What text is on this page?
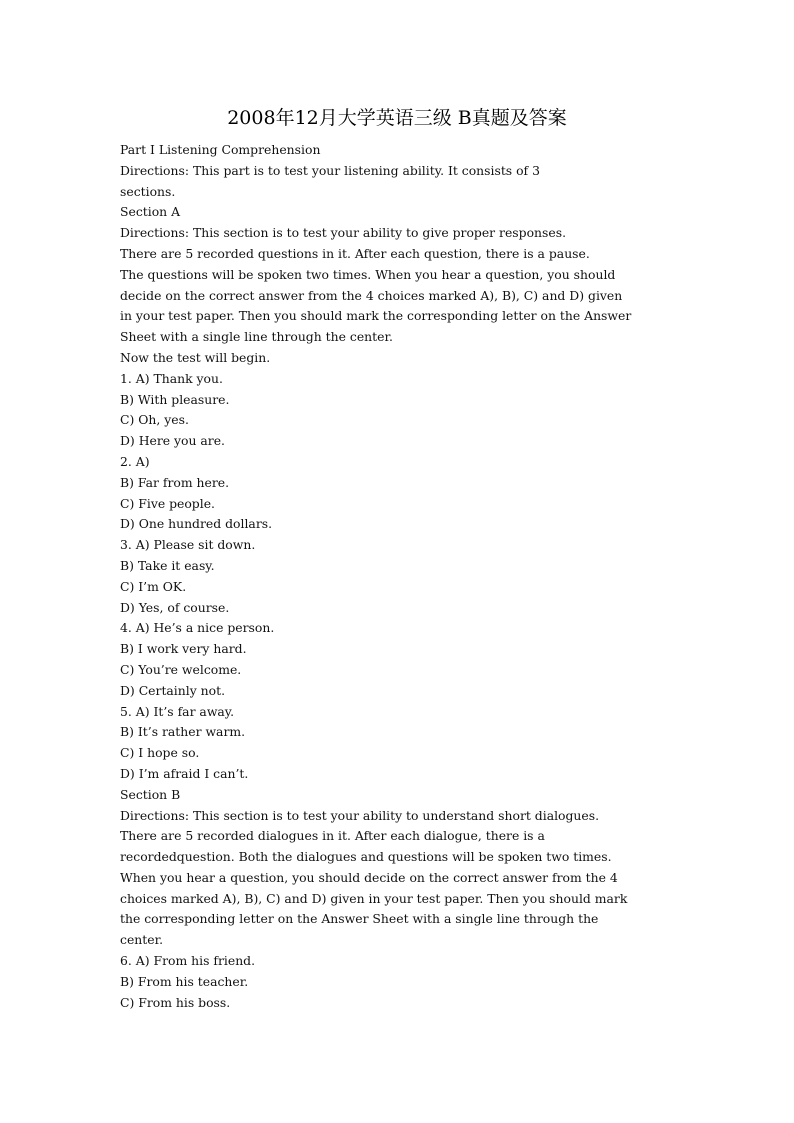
2008年12月大学英语三级 B真题及答案
Part I Listening Comprehension
Directions: This part is to test your listening ability. It consists of 3
sections.
Section A
Directions: This section is to test your ability to give proper responses.
There are 5 recorded questions in it. After each question, there is a pause.
The questions will be spoken two times. When you hear a question, you should
decide on the correct answer from the 4 choices marked A), B), C) and D) given
in your test paper. Then you should mark the corresponding letter on the Answer
Sheet with a single line through the center.
Now the test will begin.
1. A) Thank you.
B) With pleasure.
C) Oh, yes.
D) Here you are.
2. A)
B) Far from here.
C) Five people.
D) One hundred dollars.
3. A) Please sit down.
B) Take it easy.
C) I’m OK.
D) Yes, of course.
4. A) He’s a nice person.
B) I work very hard.
C) You’re welcome.
D) Certainly not.
5. A) It’s far away.
B) It’s rather warm.
C) I hope so.
D) I’m afraid I can’t.
Section B
Directions: This section is to test your ability to understand short dialogues.
There are 5 recorded dialogues in it. After each dialogue, there is a
recordedquestion. Both the dialogues and questions will be spoken two times.
When you hear a question, you should decide on the correct answer from the 4
choices marked A), B), C) and D) given in your test paper. Then you should mark
the corresponding letter on the Answer Sheet with a single line through the
center.
6. A) From his friend.
B) From his teacher.
C) From his boss.
